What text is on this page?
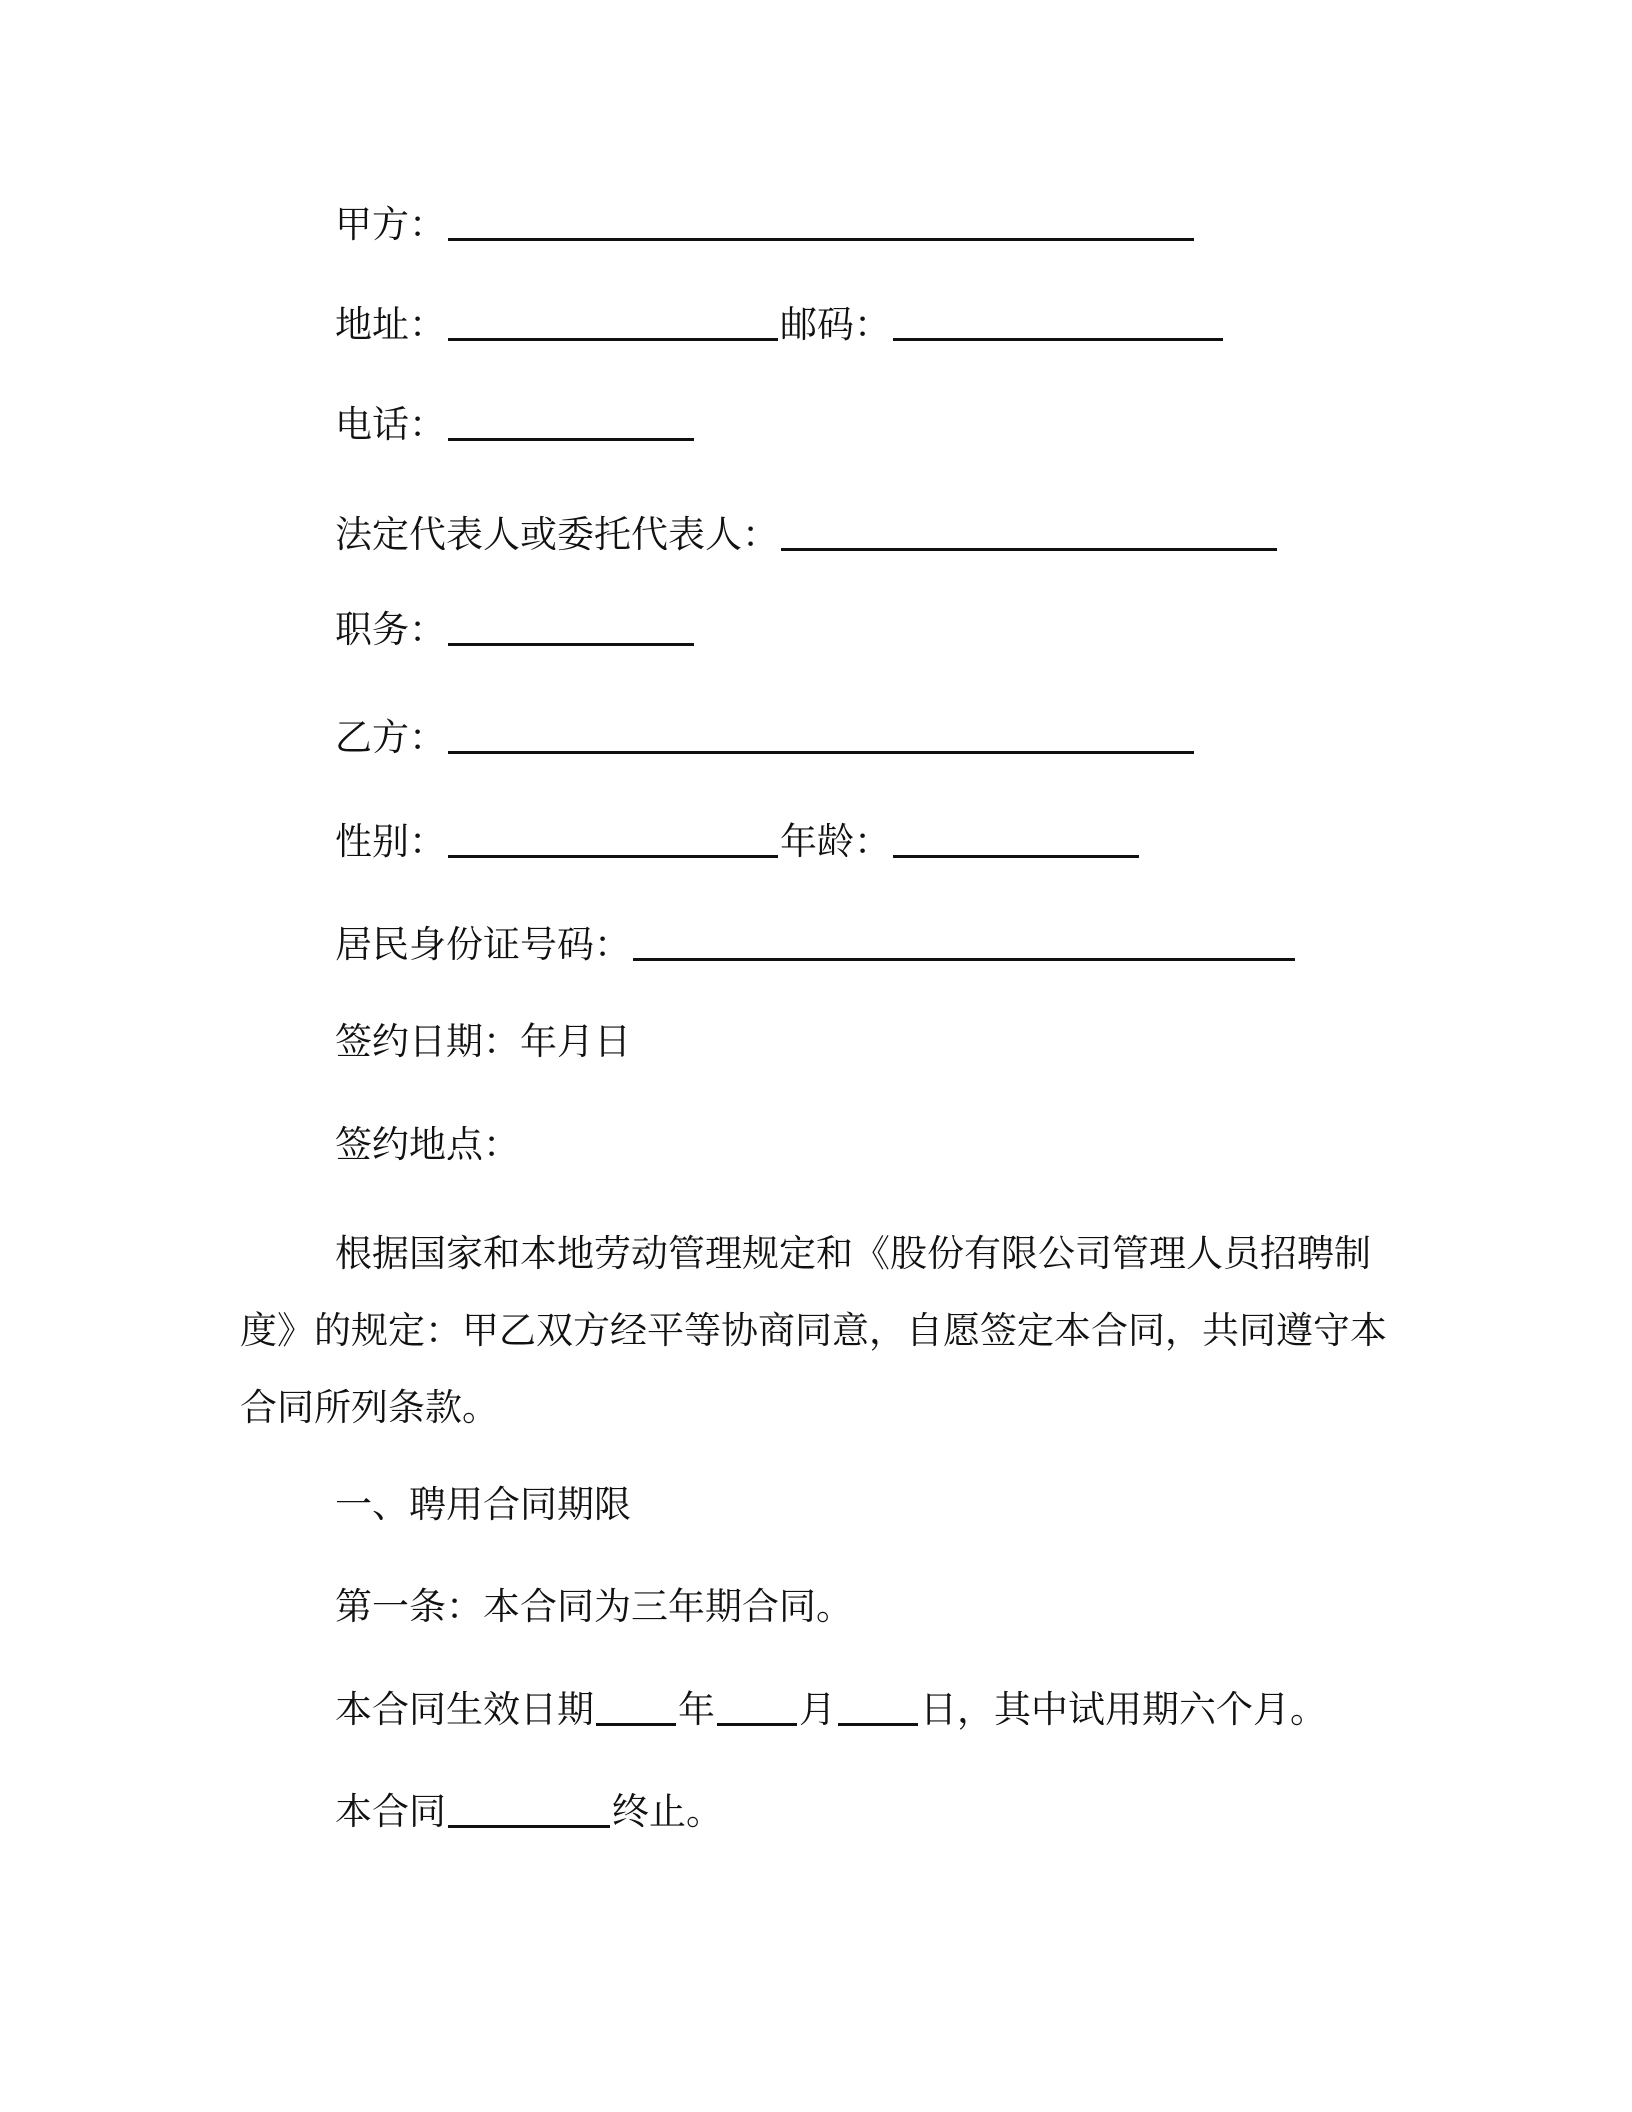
甲方：
地址：	邮码：
电话：
法定代表人或委托代表人：
职务：
乙方：
性别：	年龄：
居民身份证号码：
签约日期：年月日
签约地点：
根据国家和本地劳动管理规定和《股份有限公司管理人员招聘制度》的规定：甲乙双方经平等协商同意，自愿签定本合同，共同遵守本合同所列条款。
一、聘用合同期限
第一条：本合同为三年期合同。
本合同生效日期 年 月 日，其中试用期六个月。
本合同	终止。
